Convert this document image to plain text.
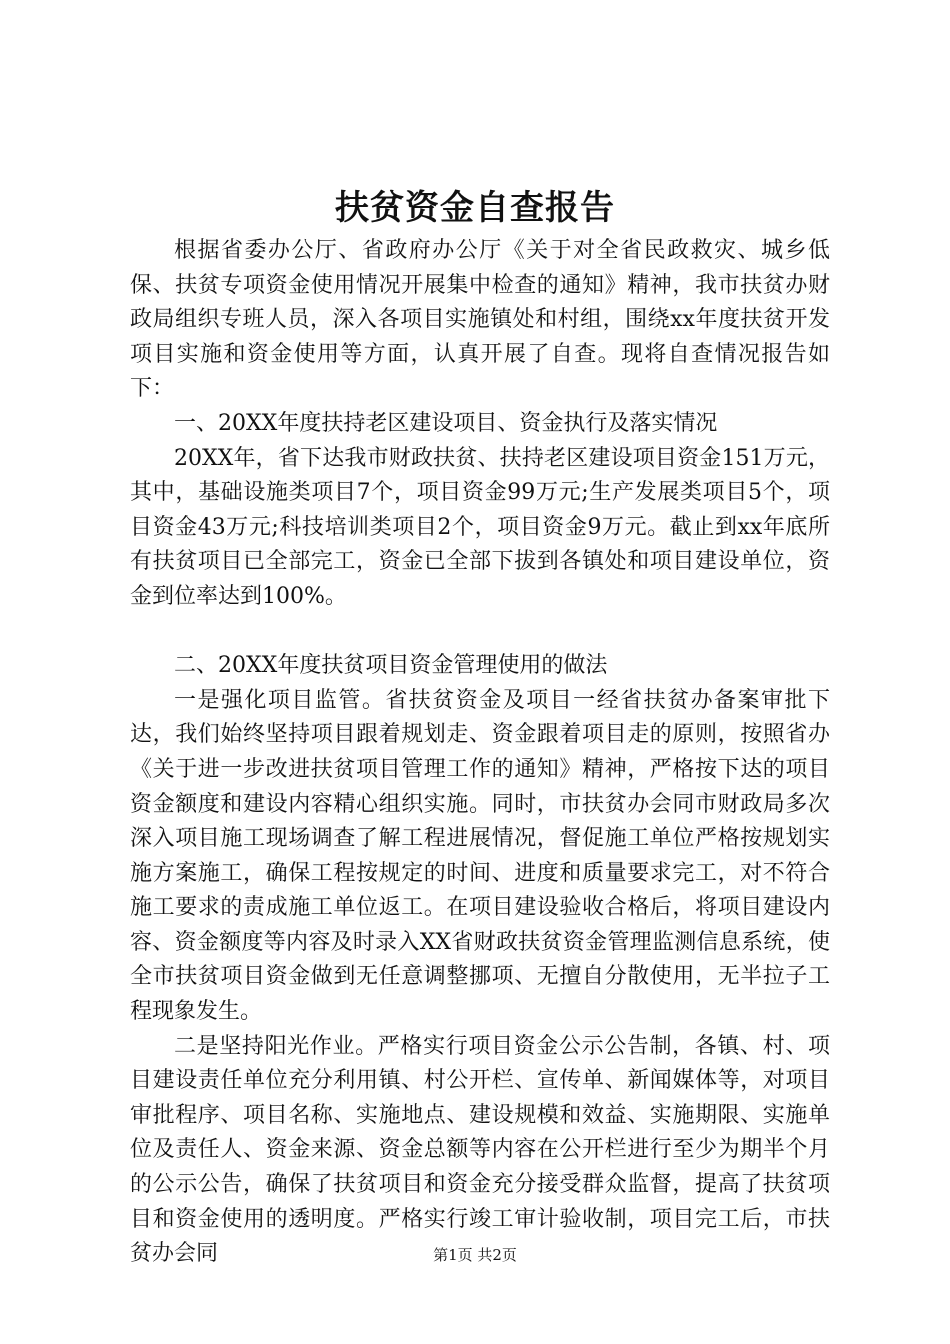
扶贫资金自查报告

根据省委办公厅、省政府办公厅《关于对全省民政救灾、城乡低保、扶贫专项资金使用情况开展集中检查的通知》精神，我市扶贫办财政局组织专班人员，深入各项目实施镇处和村组，围绕xx年度扶贫开发项目实施和资金使用等方面，认真开展了自查。现将自查情况报告如下：

一、20XX年度扶持老区建设项目、资金执行及落实情况

20XX年，省下达我市财政扶贫、扶持老区建设项目资金151万元，其中，基础设施类项目7个，项目资金99万元;生产发展类项目5个，项目资金43万元;科技培训类项目2个，项目资金9万元。截止到xx年底所有扶贫项目已全部完工，资金已全部下拔到各镇处和项目建设单位，资金到位率达到100%。

二、20XX年度扶贫项目资金管理使用的做法

一是强化项目监管。省扶贫资金及项目一经省扶贫办备案审批下达，我们始终坚持项目跟着规划走、资金跟着项目走的原则，按照省办《关于进一步改进扶贫项目管理工作的通知》精神，严格按下达的项目资金额度和建设内容精心组织实施。同时，市扶贫办会同市财政局多次深入项目施工现场调查了解工程进展情况，督促施工单位严格按规划实施方案施工，确保工程按规定的时间、进度和质量要求完工，对不符合施工要求的责成施工单位返工。在项目建设验收合格后，将项目建设内容、资金额度等内容及时录入XX省财政扶贫资金管理监测信息系统，使全市扶贫项目资金做到无任意调整挪项、无擅自分散使用，无半拉子工程现象发生。

二是坚持阳光作业。严格实行项目资金公示公告制，各镇、村、项目建设责任单位充分利用镇、村公开栏、宣传单、新闻媒体等，对项目审批程序、项目名称、实施地点、建设规模和效益、实施期限、实施单位及责任人、资金来源、资金总额等内容在公开栏进行至少为期半个月的公示公告，确保了扶贫项目和资金充分接受群众监督，提高了扶贫项目和资金使用的透明度。严格实行竣工审计验收制，项目完工后，市扶贫办会同	第1页 共2页
